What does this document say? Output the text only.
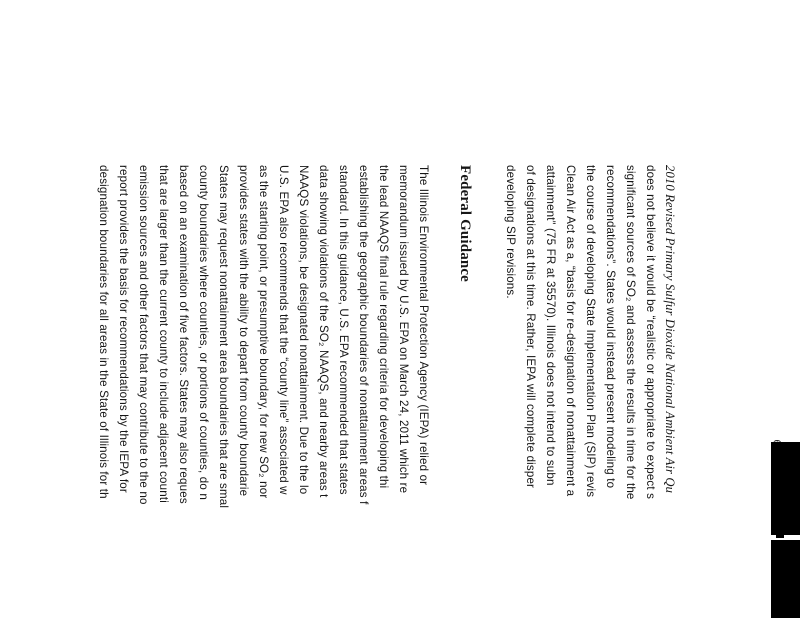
2010 Revised Primary Sulfur Dioxide National Ambient Air Qu
does not believe it would be “realistic or appropriate to expect s
significant sources of SO₂ and assess the results in time for the
recommendations”. States would instead present modeling to
the course of developing State Implementation Plan (SIP) revis
Clean Air Act as a, “basis for re-designation of nonattainment a
attainment” (75 FR at 35570). Illinois does not intend to subn
of designations at this time. Rather, IEPA will complete disper
developing SIP revisions.
Federal Guidance
The Illinois Environmental Protection Agency (IEPA) relied or
memorandum issued by U.S. EPA on March 24, 2011 which re
the lead NAAQS final rule regarding criteria for developing thi
establishing the geographic boundaries of nonattainment areas f
standard. In this guidance, U.S. EPA recommended that states
data showing violations of the SO₂ NAAQS, and nearby areas t
NAAQS violations, be designated nonattainment. Due to the lo
U.S. EPA also recommends that the “county line” associated w
as the starting point, or presumptive boundary, for new SO₂ nor
provides states with the ability to depart from county boundarie
States may request nonattainment area boundaries that are smal
county boundaries where counties, or portions of counties, do n
based on an examination of five factors. States may also reques
that are larger than the current county to include adjacent counti
emission sources and other factors that may contribute to the no
report provides the basis for recommendations by the IEPA for
designation boundaries for all areas in the State of Illinois for th
